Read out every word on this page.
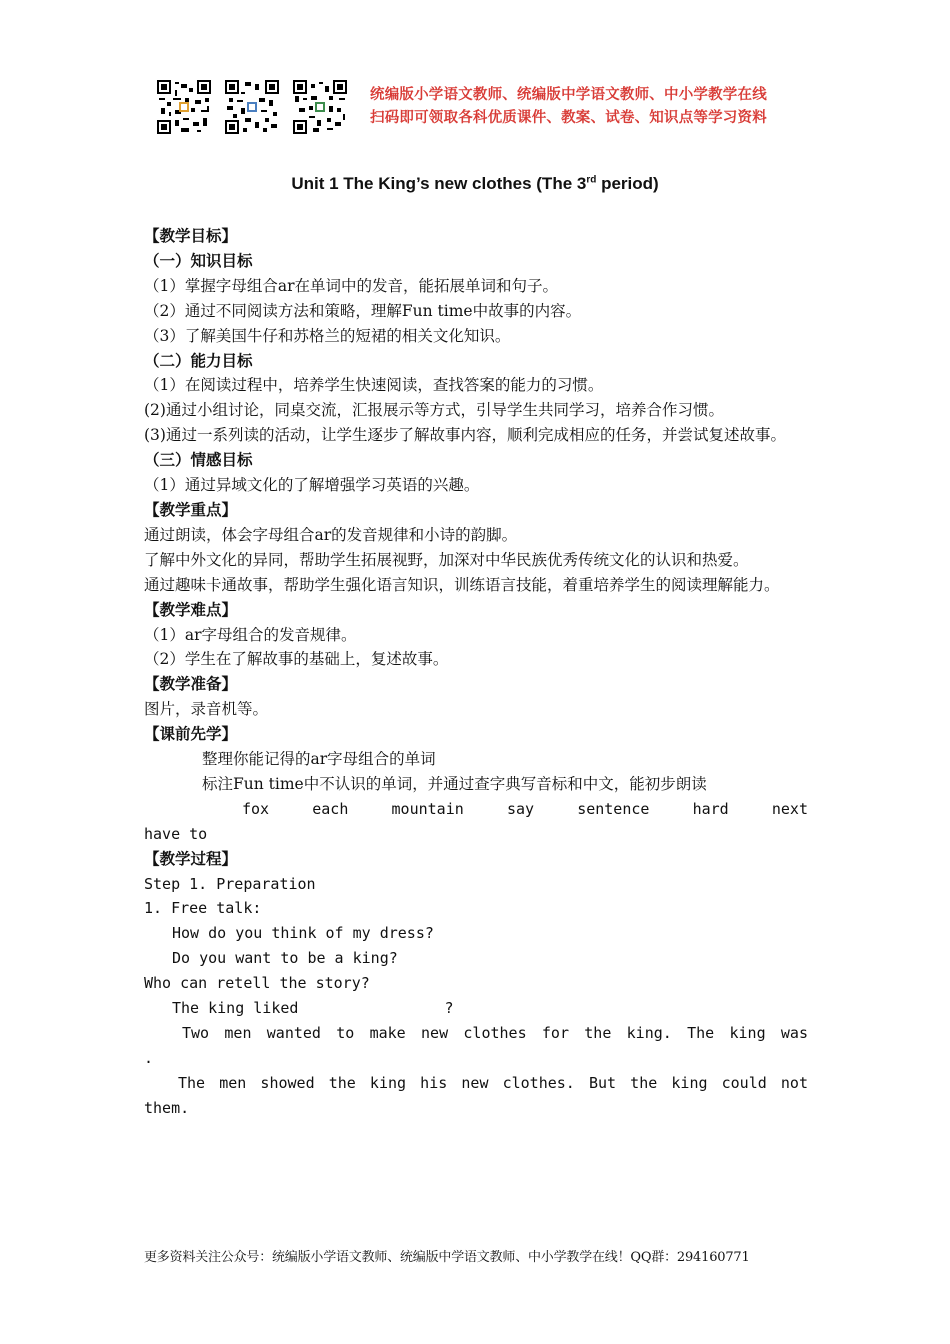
统编版小学语文教师、统编版中学语文教师、中小学教学在线
扫码即可领取各科优质课件、教案、试卷、知识点等学习资料
Unit 1 The King’s new clothes (The 3rd period)
【教学目标】
（一）知识目标
（1）掌握字母组合ar在单词中的发音，能拓展单词和句子。
（2）通过不同阅读方法和策略，理解Fun time中故事的内容。
（3）了解美国牛仔和苏格兰的短裙的相关文化知识。
（二）能力目标
（1）在阅读过程中，培养学生快速阅读，查找答案的能力的习惯。
(2)通过小组讨论，同桌交流，汇报展示等方式，引导学生共同学习，培养合作习惯。
(3)通过一系列读的活动，让学生逐步了解故事内容，顺利完成相应的任务，并尝试复述故事。
（三）情感目标
（1）通过异域文化的了解增强学习英语的兴趣。
【教学重点】
通过朗读，体会字母组合ar的发音规律和小诗的韵脚。
了解中外文化的异同，帮助学生拓展视野，加深对中华民族优秀传统文化的认识和热爱。
通过趣味卡通故事，帮助学生强化语言知识，训练语言技能，着重培养学生的阅读理解能力。
【教学难点】
（1）ar字母组合的发音规律。
（2）学生在了解故事的基础上，复述故事。
【教学准备】
图片，录音机等。
【课前先学】
整理你能记得的ar字母组合的单词
标注Fun time中不认识的单词，并通过查字典写音标和中文，能初步朗读
fox	each	mountain	say	sentence	hard	next
have to
【教学过程】
Step 1. Preparation
1. Free talk:
How do you think of my dress?
Do you want to be a king?
Who can retell the story?
The king liked	?
Two men wanted to make new clothes for the king. The king was
.
The men showed the king his new clothes. But the king could not
them.
更多资料关注公众号：统编版小学语文教师、统编版中学语文教师、中小学教学在线！QQ群：294160771
